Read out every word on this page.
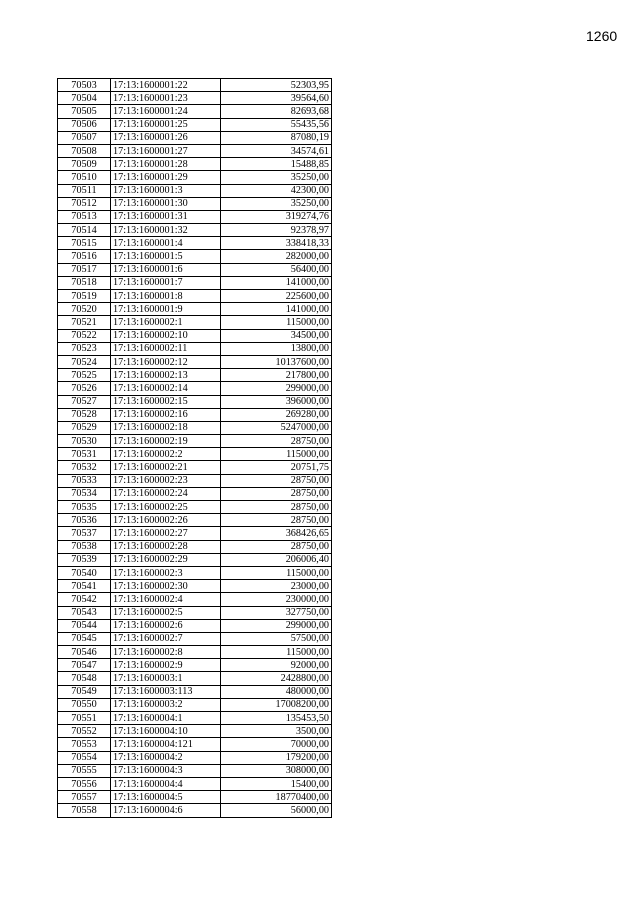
1260
70503	17:13:1600001:22	52303,95
70504	17:13:1600001:23	39564,60
70505	17:13:1600001:24	82693,68
70506	17:13:1600001:25	55435,56
70507	17:13:1600001:26	87080,19
70508	17:13:1600001:27	34574,61
70509	17:13:1600001:28	15488,85
70510	17:13:1600001:29	35250,00
70511	17:13:1600001:3	42300,00
70512	17:13:1600001:30	35250,00
70513	17:13:1600001:31	319274,76
70514	17:13:1600001:32	92378,97
70515	17:13:1600001:4	338418,33
70516	17:13:1600001:5	282000,00
70517	17:13:1600001:6	56400,00
70518	17:13:1600001:7	141000,00
70519	17:13:1600001:8	225600,00
70520	17:13:1600001:9	141000,00
70521	17:13:1600002:1	115000,00
70522	17:13:1600002:10	34500,00
70523	17:13:1600002:11	13800,00
70524	17:13:1600002:12	10137600,00
70525	17:13:1600002:13	217800,00
70526	17:13:1600002:14	299000,00
70527	17:13:1600002:15	396000,00
70528	17:13:1600002:16	269280,00
70529	17:13:1600002:18	5247000,00
70530	17:13:1600002:19	28750,00
70531	17:13:1600002:2	115000,00
70532	17:13:1600002:21	20751,75
70533	17:13:1600002:23	28750,00
70534	17:13:1600002:24	28750,00
70535	17:13:1600002:25	28750,00
70536	17:13:1600002:26	28750,00
70537	17:13:1600002:27	368426,65
70538	17:13:1600002:28	28750,00
70539	17:13:1600002:29	206006,40
70540	17:13:1600002:3	115000,00
70541	17:13:1600002:30	23000,00
70542	17:13:1600002:4	230000,00
70543	17:13:1600002:5	327750,00
70544	17:13:1600002:6	299000,00
70545	17:13:1600002:7	57500,00
70546	17:13:1600002:8	115000,00
70547	17:13:1600002:9	92000,00
70548	17:13:1600003:1	2428800,00
70549	17:13:1600003:113	480000,00
70550	17:13:1600003:2	17008200,00
70551	17:13:1600004:1	135453,50
70552	17:13:1600004:10	3500,00
70553	17:13:1600004:121	70000,00
70554	17:13:1600004:2	179200,00
70555	17:13:1600004:3	308000,00
70556	17:13:1600004:4	15400,00
70557	17:13:1600004:5	18770400,00
70558	17:13:1600004:6	56000,00
